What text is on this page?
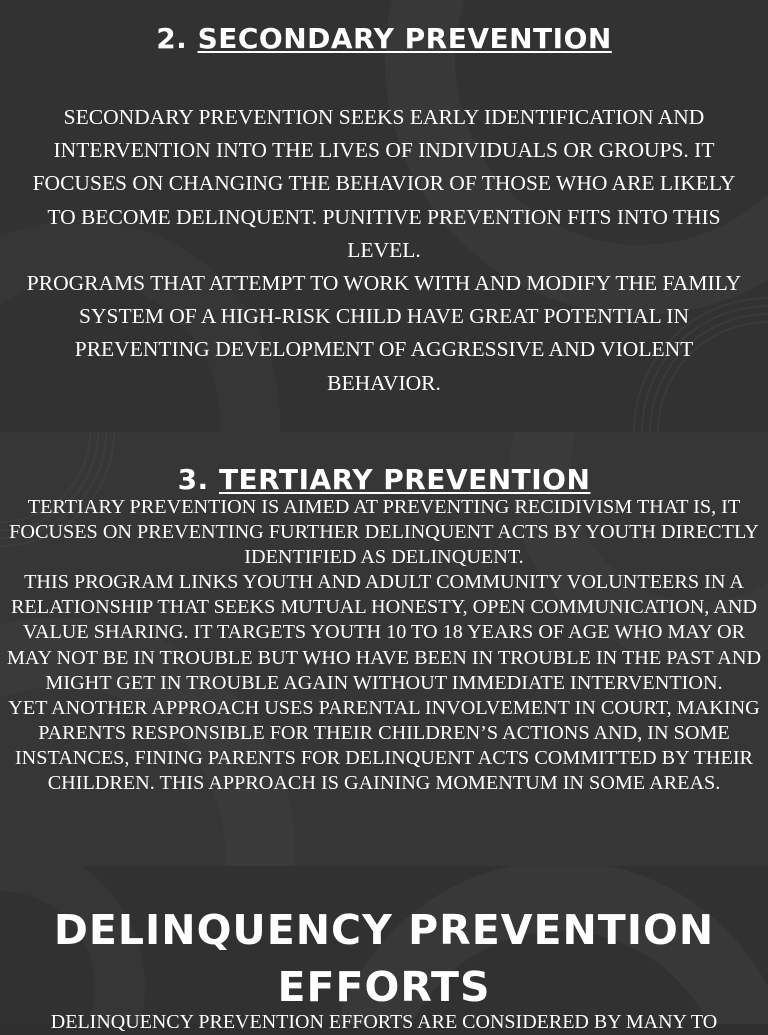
2. SECONDARY PREVENTION

SECONDARY PREVENTION SEEKS EARLY IDENTIFICATION AND INTERVENTION INTO THE LIVES OF INDIVIDUALS OR GROUPS. IT FOCUSES ON CHANGING THE BEHAVIOR OF THOSE WHO ARE LIKELY TO BECOME DELINQUENT. PUNITIVE PREVENTION FITS INTO THIS LEVEL.

PROGRAMS THAT ATTEMPT TO WORK WITH AND MODIFY THE FAMILY SYSTEM OF A HIGH-RISK CHILD HAVE GREAT POTENTIAL IN PREVENTING DEVELOPMENT OF AGGRESSIVE AND VIOLENT BEHAVIOR.

3. TERTIARY PREVENTION

TERTIARY PREVENTION IS AIMED AT PREVENTING RECIDIVISM THAT IS, IT FOCUSES ON PREVENTING FURTHER DELINQUENT ACTS BY YOUTH DIRECTLY IDENTIFIED AS DELINQUENT.

THIS PROGRAM LINKS YOUTH AND ADULT COMMUNITY VOLUNTEERS IN A RELATIONSHIP THAT SEEKS MUTUAL HONESTY, OPEN COMMUNICATION, AND VALUE SHARING. IT TARGETS YOUTH 10 TO 18 YEARS OF AGE WHO MAY OR MAY NOT BE IN TROUBLE BUT WHO HAVE BEEN IN TROUBLE IN THE PAST AND MIGHT GET IN TROUBLE AGAIN WITHOUT IMMEDIATE INTERVENTION.

YET ANOTHER APPROACH USES PARENTAL INVOLVEMENT IN COURT, MAKING PARENTS RESPONSIBLE FOR THEIR CHILDREN’S ACTIONS AND, IN SOME INSTANCES, FINING PARENTS FOR DELINQUENT ACTS COMMITTED BY THEIR CHILDREN. THIS APPROACH IS GAINING MOMENTUM IN SOME AREAS.

DELINQUENCY PREVENTION EFFORTS

DELINQUENCY PREVENTION EFFORTS ARE CONSIDERED BY MANY TO
